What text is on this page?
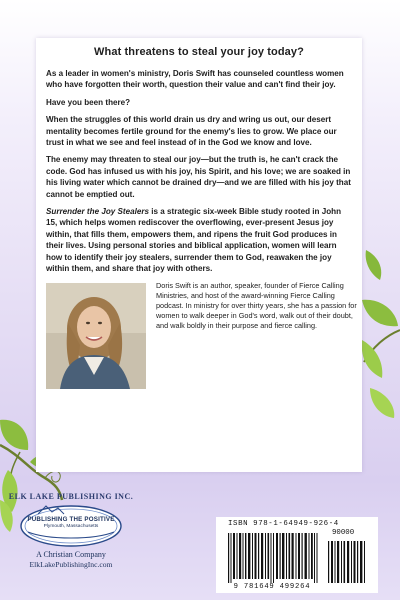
What threatens to steal your joy today?

As a leader in women's ministry, Doris Swift has counseled countless women who have forgotten their worth, question their value and can't find their joy.

Have you been there?

When the struggles of this world drain us dry and wring us out, our desert mentality becomes fertile ground for the enemy's lies to grow. We place our trust in what we see and feel instead of in the God we know and love.

The enemy may threaten to steal our joy—but the truth is, he can't crack the code. God has infused us with his joy, his Spirit, and his love; we are soaked in his living water which cannot be drained dry—and we are filled with his joy that cannot be emptied out.

Surrender the Joy Stealers is a strategic six-week Bible study rooted in John 15, which helps women rediscover the overflowing, ever-present Jesus joy within, that fills them, empowers them, and ripens the fruit God produces in their lives. Using personal stories and biblical application, women will learn how to identify their joy stealers, surrender them to God, reawaken the joy within them, and share that joy with others.

Doris Swift is an author, speaker, founder of Fierce Calling Ministries, and host of the award-winning Fierce Calling podcast. In ministry for over thirty years, she has a passion for women to walk deeper in God's word, walk out of their doubt, and walk boldly in their purpose and fierce calling.
ELK LAKE PUBLISHING INC.
PUBLISHING THE POSITIVE
Plymouth, Massachusetts
A Christian Company
ElkLakePublishingInc.com
ISBN 978-1-64949-926-4
90000
9 781649 499264
